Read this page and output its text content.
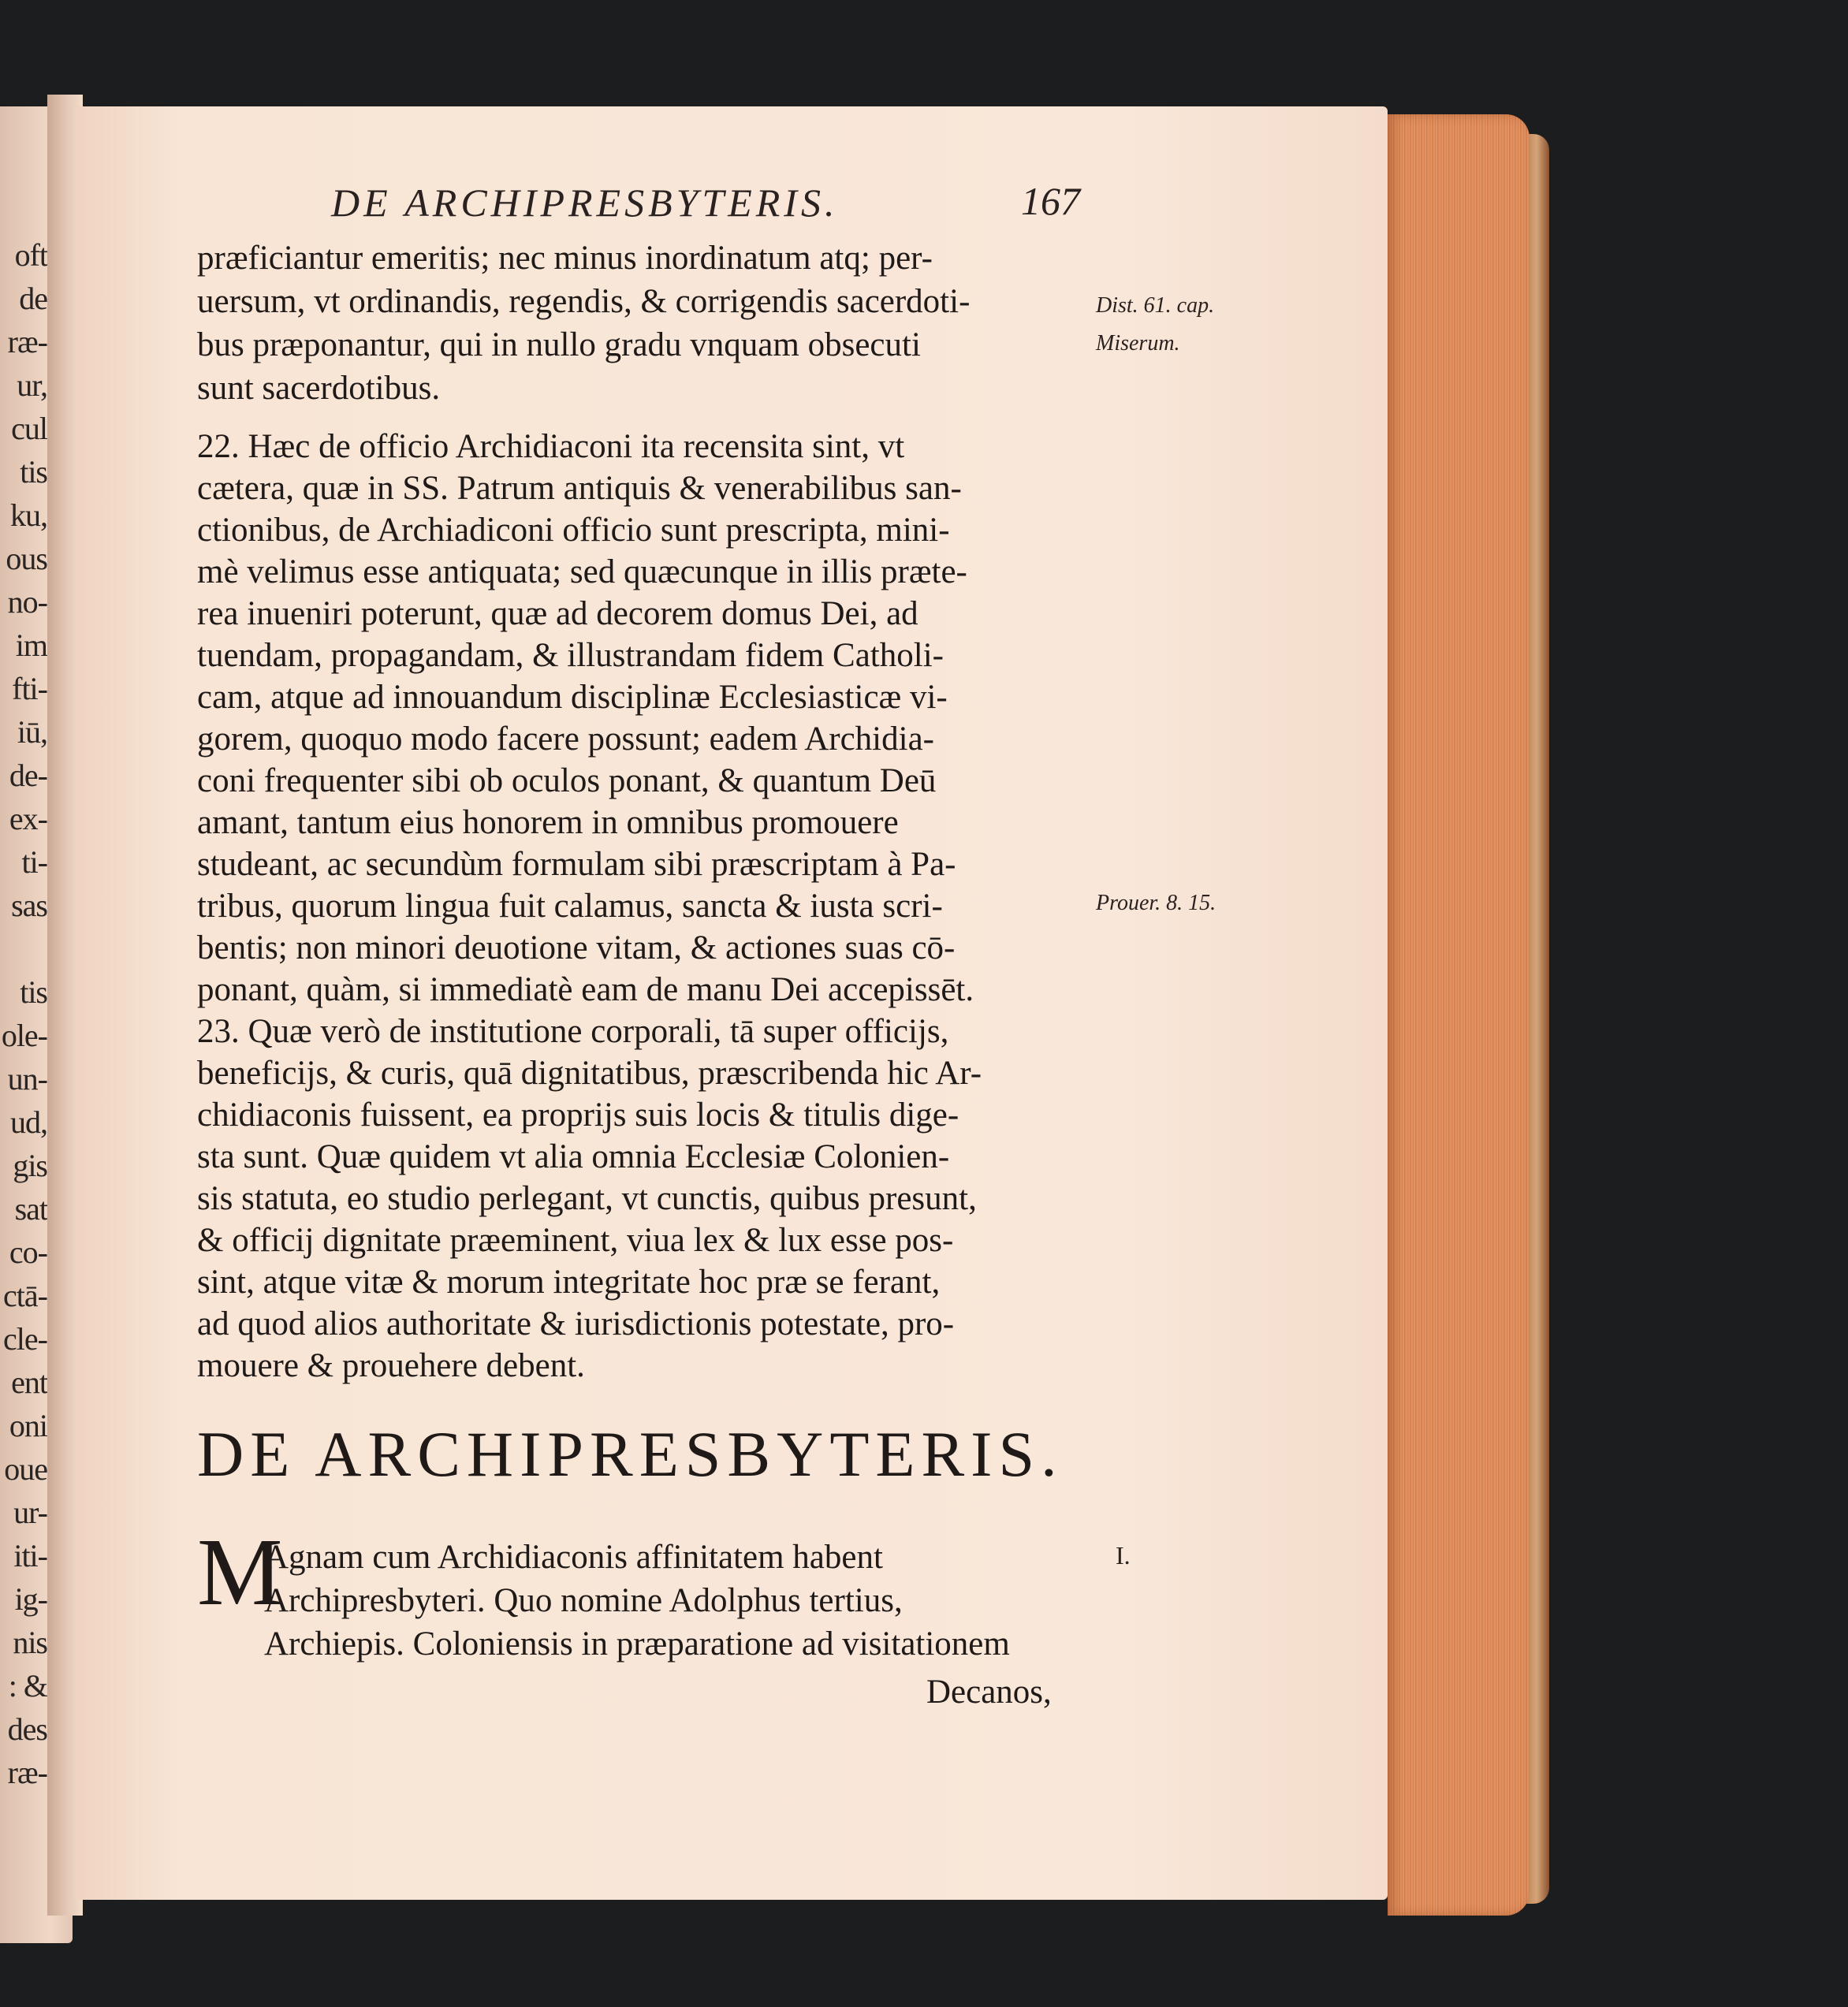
oft
de
ræ-
ur,
cul
tis
ku,
ous
no-
im
fti-
iū,
de-
ex-
ti-
sas
tis
ole-
un-
ud,
gis
sat
co-
ctā-
cle-
ent
oni
oue
ur-
iti-
ig-
nis
: &
des
ræ-
DE ARCHIPRESBYTERIS.	167
præficiantur emeritis; nec minus inordinatum atq; per-
uersum, vt ordinandis, regendis, & corrigendis sacerdoti-
bus præponantur, qui in nullo gradu vnquam obsecuti
sunt sacerdotibus.
22. Hæc de officio Archidiaconi ita recensita sint, vt
cætera, quæ in SS. Patrum antiquis & venerabilibus san-
ctionibus, de Archiadiconi officio sunt prescripta, mini-
mè velimus esse antiquata; sed quæcunque in illis præte-
rea inueniri poterunt, quæ ad decorem domus Dei, ad
tuendam, propagandam, & illustrandam fidem Catholi-
cam, atque ad innouandum disciplinæ Ecclesiasticæ vi-
gorem, quoquo modo facere possunt; eadem Archidia-
coni frequenter sibi ob oculos ponant, & quantum Deū
amant, tantum eius honorem in omnibus promouere
studeant, ac secundùm formulam sibi præscriptam à Pa-
tribus, quorum lingua fuit calamus, sancta & iusta scri-
bentis; non minori deuotione vitam, & actiones suas cō-
ponant, quàm, si immediatè eam de manu Dei accepissēt.
23. Quæ verò de institutione corporali, tā super officijs,
beneficijs, & curis, quā dignitatibus, præscribenda hic Ar-
chidiaconis fuissent, ea proprijs suis locis & titulis dige-
sta sunt. Quæ quidem vt alia omnia Ecclesiæ Colonien-
sis statuta, eo studio perlegant, vt cunctis, quibus presunt,
& officij dignitate præeminent, viua lex & lux esse pos-
sint, atque vitæ & morum integritate hoc præ se ferant,
ad quod alios authoritate & iurisdictionis potestate, pro-
mouere & prouehere debent.
Dist. 61. cap.
Miserum.
Prouer. 8. 15.
DE ARCHIPRESBYTERIS.
M
Agnam cum Archidiaconis affinitatem habent
Archipresbyteri. Quo nomine Adolphus tertius,
Archiepis. Coloniensis in præparatione ad visitationem
I.
Decanos,
